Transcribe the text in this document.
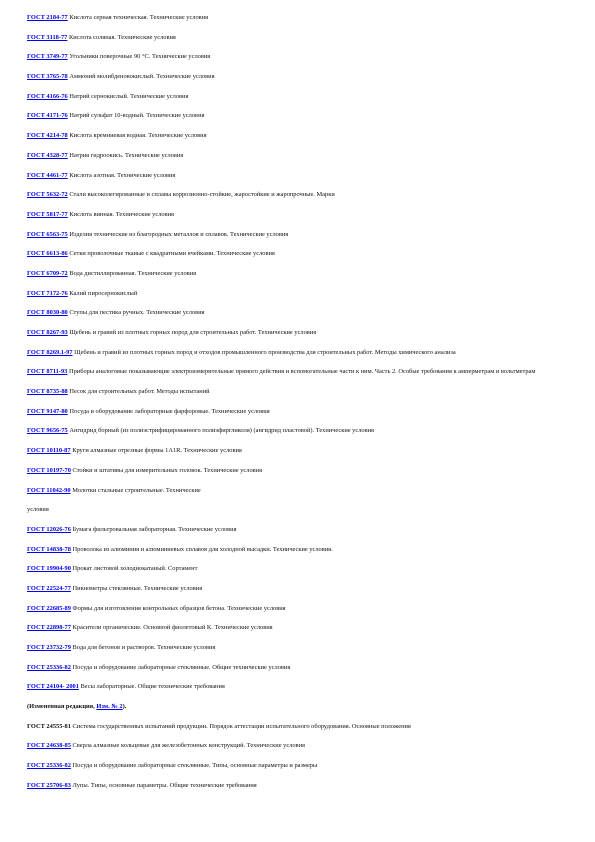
ГОСТ 2184-77 Кислота серная техническая. Технические условия
ГОСТ 3118-77 Кислота соляная. Технические условия
ГОСТ 3749-77 Угольники поверочные 90 °С. Технические условия
ГОСТ 3765-78 Аммоний молибденовокислый. Технические условия
ГОСТ 4166-76 Натрий сернокислый. Технические условия
ГОСТ 4171-76 Натрий сульфат 10-водный. Технические условия
ГОСТ 4214-78 Кислота кремниевая водная. Технические условия
ГОСТ 4328-77 Натрия гидроокись. Технические условия
ГОСТ 4461-77 Кислота азотная. Технические условия
ГОСТ 5632-72 Стали высоколегированные и сплавы коррозионно-стойкие, жаростойкие и жаропрочные. Марки
ГОСТ 5817-77 Кислота винная. Технические условия
ГОСТ 6563-75 Изделия технические из благородных металлов и сплавов. Технические условия
ГОСТ 6613-86 Сетки проволочные тканые с квадратными ячейками. Технические условия
ГОСТ 6709-72 Вода дистиллированная. Технические условия
ГОСТ 7172-76 Калий пиросернокислый
ГОСТ 8030-80 Ступы для пестика ручных. Технические условия
ГОСТ 8267-93 Щебень и гравий из плотных горных пород для строительных работ. Технические условия
ГОСТ 8269.1-97 Щебень и гравий из плотных горных пород и отходов промышленного производства для строительных работ. Методы химического анализа
ГОСТ 8711-93 Приборы аналоговые показывающие электроизмерительные прямого действия и вспомогательные части к ним. Часть 2. Особые требования к амперметрам и вольтметрам
ГОСТ 8735-88 Песок для строительных работ. Методы испытаний
ГОСТ 9147-80 Посуда и оборудование лабораторные фарфоровые. Технические условия
ГОСТ 9656-75 Ангидрид борный (из полиэстрифицированного полиэфиргликоля) (ангидрид пластовой). Технические условия
ГОСТ 10110-87 Круги алмазные отрезные формы 1А1R. Технические условия
ГОСТ 10197-70 Стойки и штативы для измерительных головок. Технические условия
ГОСТ 11042-90 Молотки стальные строительные. Технические
условия
ГОСТ 12026-76 Бумага фильтровальная лабораторная. Технические условия
ГОСТ 14838-78 Проволока из алюминия и алюминиевых сплавов для холодной высадки. Технические условия.
ГОСТ 19904-90 Прокат листовой холоднокатаный. Сортамент
ГОСТ 22524-77 Пикнометры стеклянные. Технические условия
ГОСТ 22685-89 Формы для изготовления контрольных образцов бетона. Технические условия
ГОСТ 22898-77 Красители органические. Основной фиолетовый К. Технические условия
ГОСТ 23732-79 Вода для бетонов и растворов. Технические условия
ГОСТ 25336-82 Посуда и оборудование лабораторные стеклянные. Общие технические условия
ГОСТ 24104- 2001 Весы лабораторные. Общие технические требования
(Измененная редакция, Изм. № 2).
ГОСТ 24555-81 Система государственных испытаний продукции. Порядок аттестации испытательного оборудования. Основные положения
ГОСТ 24638-85 Сверла алмазные кольцевые для железобетонных конструкций. Технические условия
ГОСТ 25336-82 Посуда и оборудование лабораторные стеклянные. Типы, основные параметры и размеры
ГОСТ 25706-83 Лупы. Типы, основные параметры. Общие технические требования
